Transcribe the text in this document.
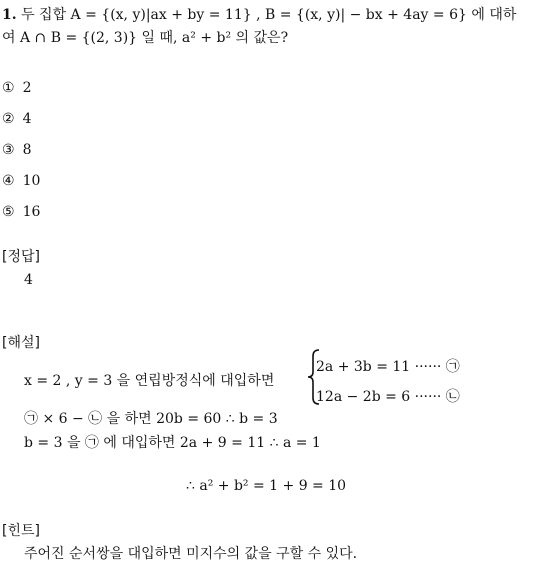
1. 두 집합 A = {(x, y)|ax + by = 11} , B = {(x, y)| − bx + 4ay = 6} 에 대하
여 A ∩ B = {(2, 3)} 일 때, a² + b² 의 값은?
① 2
② 4
③ 8
④ 10
⑤ 16
[정답]
4
[해설]
x = 2 , y = 3 을 연립방정식에 대입하면
2a + 3b = 11 ······ ㉠
12a − 2b = 6 ······ ㉡
㉠ × 6 − ㉡ 을 하면 20b = 60 ∴ b = 3
b = 3 을 ㉠ 에 대입하면 2a + 9 = 11 ∴ a = 1
∴ a² + b² = 1 + 9 = 10
[힌트]
주어진 순서쌍을 대입하면 미지수의 값을 구할 수 있다.
